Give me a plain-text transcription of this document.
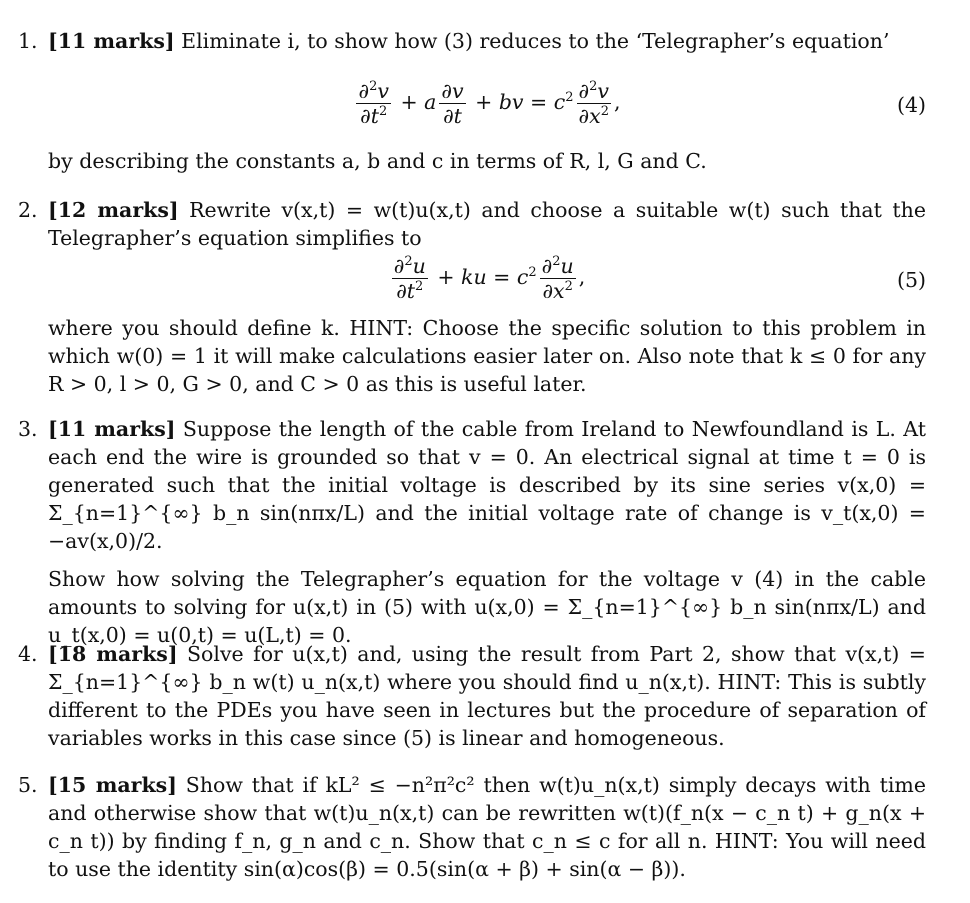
1. [11 marks] Eliminate i, to show how (3) reduces to the ‘Telegrapher’s equation’

$\frac{\partial^2v}{\partial t^2} + a \frac{\partial v}{\partial t}$ + bv = $c^2 \frac{\partial^2v}{\partial x^2}$ ,	(4)

by describing the constants a, b and c in terms of R, l, G and C.

2. [12 marks] Rewrite v(x,t) = w(t)u(x,t) and choose a suitable w(t) such that the Telegrapher’s equation simplifies to

$\frac{\partial^2u}{\partial t^2}$ + ku = $c^2 \frac{\partial^2u}{\partial x^2}$ ,	(5)

where you should define k. HINT: Choose the specific solution to this problem in which w(0) = 1 it will make calculations easier later on. Also note that k ≤ 0 for any R > 0, l > 0, G > 0, and C > 0 as this is useful later.

3. [11 marks] Suppose the length of the cable from Ireland to Newfoundland is L. At each end the wire is grounded so that v = 0. An electrical signal at time t = 0 is generated such that the initial voltage is described by its sine series v(x,0) = Σ_{n=1}^{∞} b_n sin(nπx/L) and the initial voltage rate of change is v_t(x,0) = −av(x,0)/2.

Show how solving the Telegrapher’s equation for the voltage v (4) in the cable amounts to solving for u(x,t) in (5) with u(x,0) = Σ_{n=1}^{∞} b_n sin(nπx/L) and u_t(x,0) = u(0,t) = u(L,t) = 0.

4. [18 marks] Solve for u(x,t) and, using the result from Part 2, show that v(x,t) = Σ_{n=1}^{∞} b_n w(t) u_n(x,t) where you should find u_n(x,t). HINT: This is subtly different to the PDEs you have seen in lectures but the procedure of separation of variables works in this case since (5) is linear and homogeneous.

5. [15 marks] Show that if kL² ≤ −n²π²c² then w(t)u_n(x,t) simply decays with time and otherwise show that w(t)u_n(x,t) can be rewritten w(t)(f_n(x − c_n t) + g_n(x + c_n t)) by finding f_n, g_n and c_n. Show that c_n ≤ c for all n. HINT: You will need to use the identity sin(α)cos(β) = 0.5(sin(α + β) + sin(α − β)).
